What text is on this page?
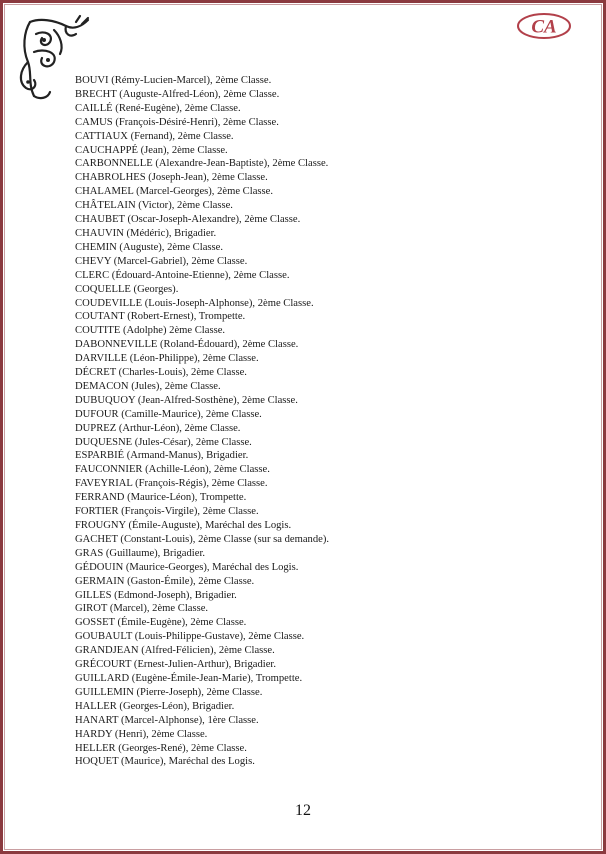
CA

BOUVI (Rémy-Lucien-Marcel), 2ème Classe.

BRECHT (Auguste-Alfred-Léon), 2ème Classe.

CAILLÉ (René-Eugène), 2ème Classe.

CAMUS (François-Désiré-Henri), 2ème Classe.

CATTIAUX (Fernand), 2ème Classe.

CAUCHAPPÉ (Jean), 2ème Classe.

CARBONNELLE (Alexandre-Jean-Baptiste), 2ème Classe.

CHABROLHES (Joseph-Jean), 2ème Classe.

CHALAMEL (Marcel-Georges), 2ème Classe.

CHÂTELAIN (Victor), 2ème Classe.

CHAUBET (Oscar-Joseph-Alexandre), 2ème Classe.

CHAUVIN (Médéric), Brigadier.

CHEMIN (Auguste), 2ème Classe.

CHEVY (Marcel-Gabriel), 2ème Classe.

CLERC (Édouard-Antoine-Etienne), 2ème Classe.

COQUELLE (Georges).

COUDEVILLE (Louis-Joseph-Alphonse), 2ème Classe.

COUTANT (Robert-Ernest), Trompette.

COUTITE (Adolphe) 2ème Classe.

DABONNEVILLE (Roland-Édouard), 2ème Classe.

DARVILLE (Léon-Philippe), 2ème Classe.

DÉCRET (Charles-Louis), 2ème Classe.

DEMACON (Jules), 2ème Classe.

DUBUQUOY (Jean-Alfred-Sosthène), 2ème Classe.

DUFOUR (Camille-Maurice), 2ème Classe.

DUPREZ (Arthur-Léon), 2ème Classe.

DUQUESNE (Jules-César), 2ème Classe.

ESPARBIÉ (Armand-Manus), Brigadier.

FAUCONNIER (Achille-Léon), 2ème Classe.

FAVEYRIAL (François-Régis), 2ème Classe.

FERRAND (Maurice-Léon), Trompette.

FORTIER (François-Virgile), 2ème Classe.

FROUGNY (Émile-Auguste), Maréchal des Logis.

GACHET (Constant-Louis), 2ème Classe (sur sa demande).

GRAS (Guillaume), Brigadier.

GÉDOUIN (Maurice-Georges), Maréchal des Logis.

GERMAIN (Gaston-Émile), 2ème Classe.

GILLES (Edmond-Joseph), Brigadier.

GIROT (Marcel), 2ème Classe.

GOSSET (Émile-Eugène), 2ème Classe.

GOUBAULT (Louis-Philippe-Gustave), 2ème Classe.

GRANDJEAN (Alfred-Félicien), 2ème Classe.

GRÉCOURT (Ernest-Julien-Arthur), Brigadier.

GUILLARD (Eugène-Émile-Jean-Marie), Trompette.

GUILLEMIN (Pierre-Joseph), 2ème Classe.

HALLER (Georges-Léon), Brigadier.

HANART (Marcel-Alphonse), 1ère Classe.

HARDY (Henri), 2ème Classe.

HELLER (Georges-René), 2ème Classe.

HOQUET (Maurice), Maréchal des Logis.

12
